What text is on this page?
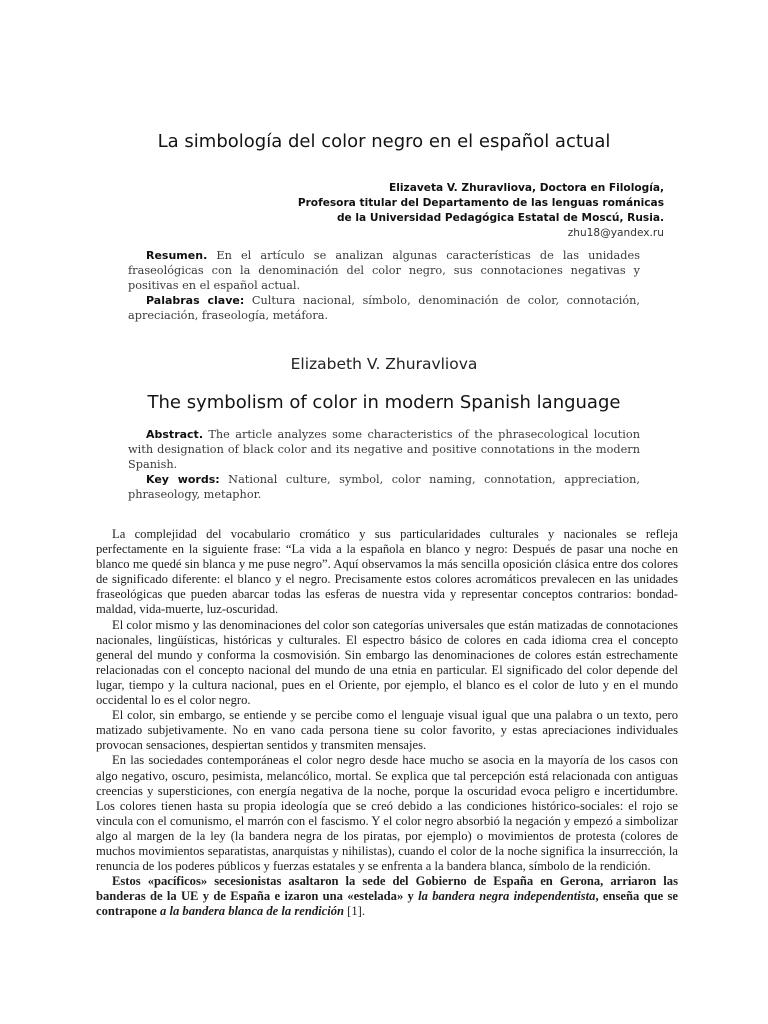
La simbología del color negro en el español actual
Elizaveta V. Zhuravliova, Doctora en Filología,
Profesora titular del Departamento de las lenguas románicas
de la Universidad Pedagógica Estatal de Moscú, Rusia.
zhu18@yandex.ru

Resumen. En el artículo se analizan algunas características de las unidades fraseológicas con la denominación del color negro, sus connotaciones negativas y positivas en el español actual.

Palabras clave: Cultura nacional, símbolo, denominación de color, connotación, apreciación, fraseología, metáfora.

Elizabeth V. Zhuravliova
The symbolism of color in modern Spanish language

Abstract. The article analyzes some characteristics of the phrasecological locution with designation of black color and its negative and positive connotations in the modern Spanish.

Key words: National culture, symbol, color naming, connotation, appreciation, phraseology, metaphor.

La complejidad del vocabulario cromático y sus particularidades culturales y nacionales se refleja perfectamente en la siguiente frase: “La vida a la española en blanco y negro: Después de pasar una noche en blanco me quedé sin blanca y me puse negro”. Aquí observamos la más sencilla oposición clásica entre dos colores de significado diferente: el blanco y el negro. Precisamente estos colores acromáticos prevalecen en las unidades fraseológicas que pueden abarcar todas las esferas de nuestra vida y representar conceptos contrarios: bondad-maldad, vida-muerte, luz-oscuridad.

El color mismo y las denominaciones del color son categorías universales que están matizadas de connotaciones nacionales, lingüísticas, históricas y culturales. El espectro básico de colores en cada idioma crea el concepto general del mundo y conforma la cosmovisión. Sin embargo las denominaciones de colores están estrechamente relacionadas con el concepto nacional del mundo de una etnia en particular. El significado del color depende del lugar, tiempo y la cultura nacional, pues en el Oriente, por ejemplo, el blanco es el color de luto y en el mundo occidental lo es el color negro.

El color, sin embargo, se entiende y se percibe como el lenguaje visual igual que una palabra o un texto, pero matizado subjetivamente. No en vano cada persona tiene su color favorito, y estas apreciaciones individuales provocan sensaciones, despiertan sentidos y transmiten mensajes.

En las sociedades contemporáneas el color negro desde hace mucho se asocia en la mayoría de los casos con algo negativo, oscuro, pesimista, melancólico, mortal. Se explica que tal percepción está relacionada con antiguas creencias y supersticiones, con energía negativa de la noche, porque la oscuridad evoca peligro e incertidumbre. Los colores tienen hasta su propia ideología que se creó debido a las condiciones histórico-sociales: el rojo se vincula con el comunismo, el marrón con el fascismo. Y el color negro absorbió la negación y empezó a simbolizar algo al margen de la ley (la bandera negra de los piratas, por ejemplo) o movimientos de protesta (colores de muchos movimientos separatistas, anarquistas y nihilistas), cuando el color de la noche significa la insurrección, la renuncia de los poderes públicos y fuerzas estatales y se enfrenta a la bandera blanca, símbolo de la rendición.

Estos «pacíficos» secesionistas asaltaron la sede del Gobierno de España en Gerona, arriaron las banderas de la UE y de España e izaron una «estelada» y la bandera negra independentista, enseña que se contrapone a la bandera blanca de la rendición [1].
